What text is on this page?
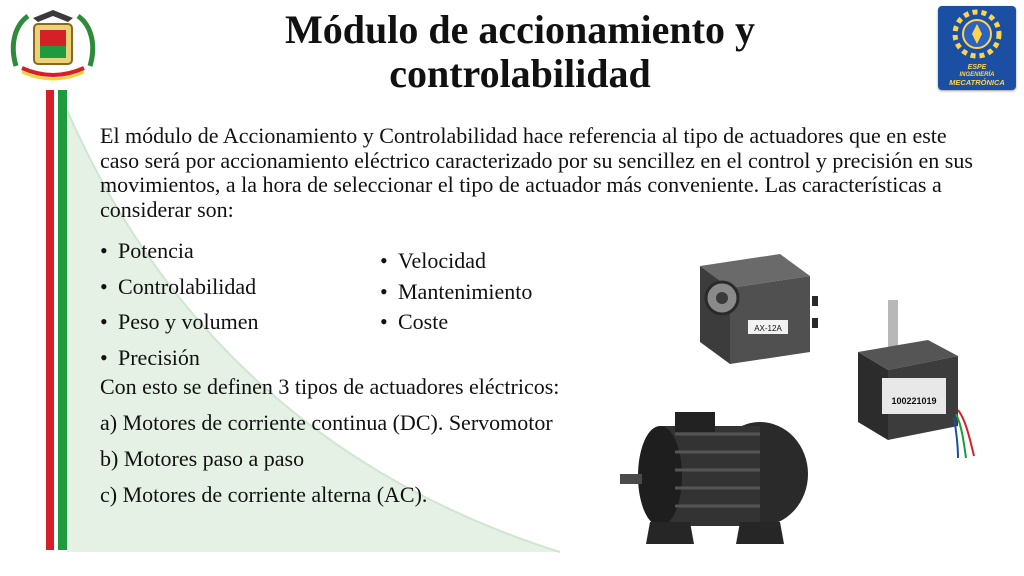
ESPE
INGENIERÍA
MECATRÓNICA
Módulo de accionamiento y controlabilidad
El módulo de Accionamiento y Controlabilidad hace referencia al tipo de actuadores que en este caso será por accionamiento eléctrico caracterizado por su sencillez en el control y precisión en sus movimientos, a la hora de seleccionar el tipo de actuador más conveniente. Las características a considerar son:
• Potencia
• Controlabilidad
• Peso y volumen
• Precisión
• Velocidad
• Mantenimiento
• Coste
Con esto se definen 3 tipos de actuadores eléctricos:
a) Motores de corriente continua (DC). Servomotor
b) Motores paso a paso
c) Motores de corriente alterna (AC).
AX-12A
100221019
